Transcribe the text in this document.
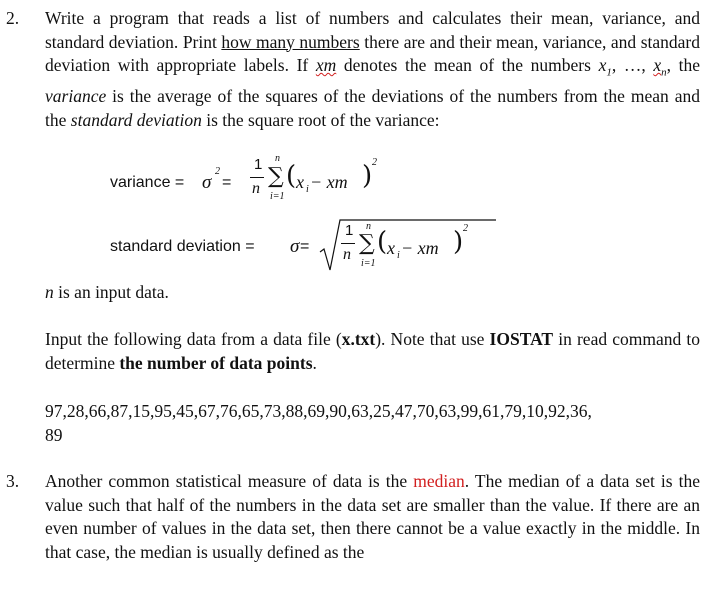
2. Write a program that reads a list of numbers and calculates their mean, variance, and standard deviation. Print how many numbers there are and their mean, variance, and standard deviation with appropriate labels. If xm denotes the mean of the numbers $x_1$, …, $x_n$, the variance is the average of the squares of the deviations of the numbers from the mean and the standard deviation is the square root of the variance:
variance = σ
2
=
1
n
n
∑
i=1
( x i − xm ) 2
standard deviation = σ =
1
n
n
∑
i=1
( x i − xm ) 2
n is an input data.
Input the following data from a data file (x.txt). Note that use IOSTAT in read command to determine the number of data points.
97,28,66,87,15,95,45,67,76,65,73,88,69,90,63,25,47,70,63,99,61,79,10,92,36,
89
3. Another common statistical measure of data is the median. The median of a data set is the value such that half of the numbers in the data set are smaller than the value. If there are an even number of values in the data set, then there cannot be a value exactly in the middle. In that case, the median is usually defined as the
